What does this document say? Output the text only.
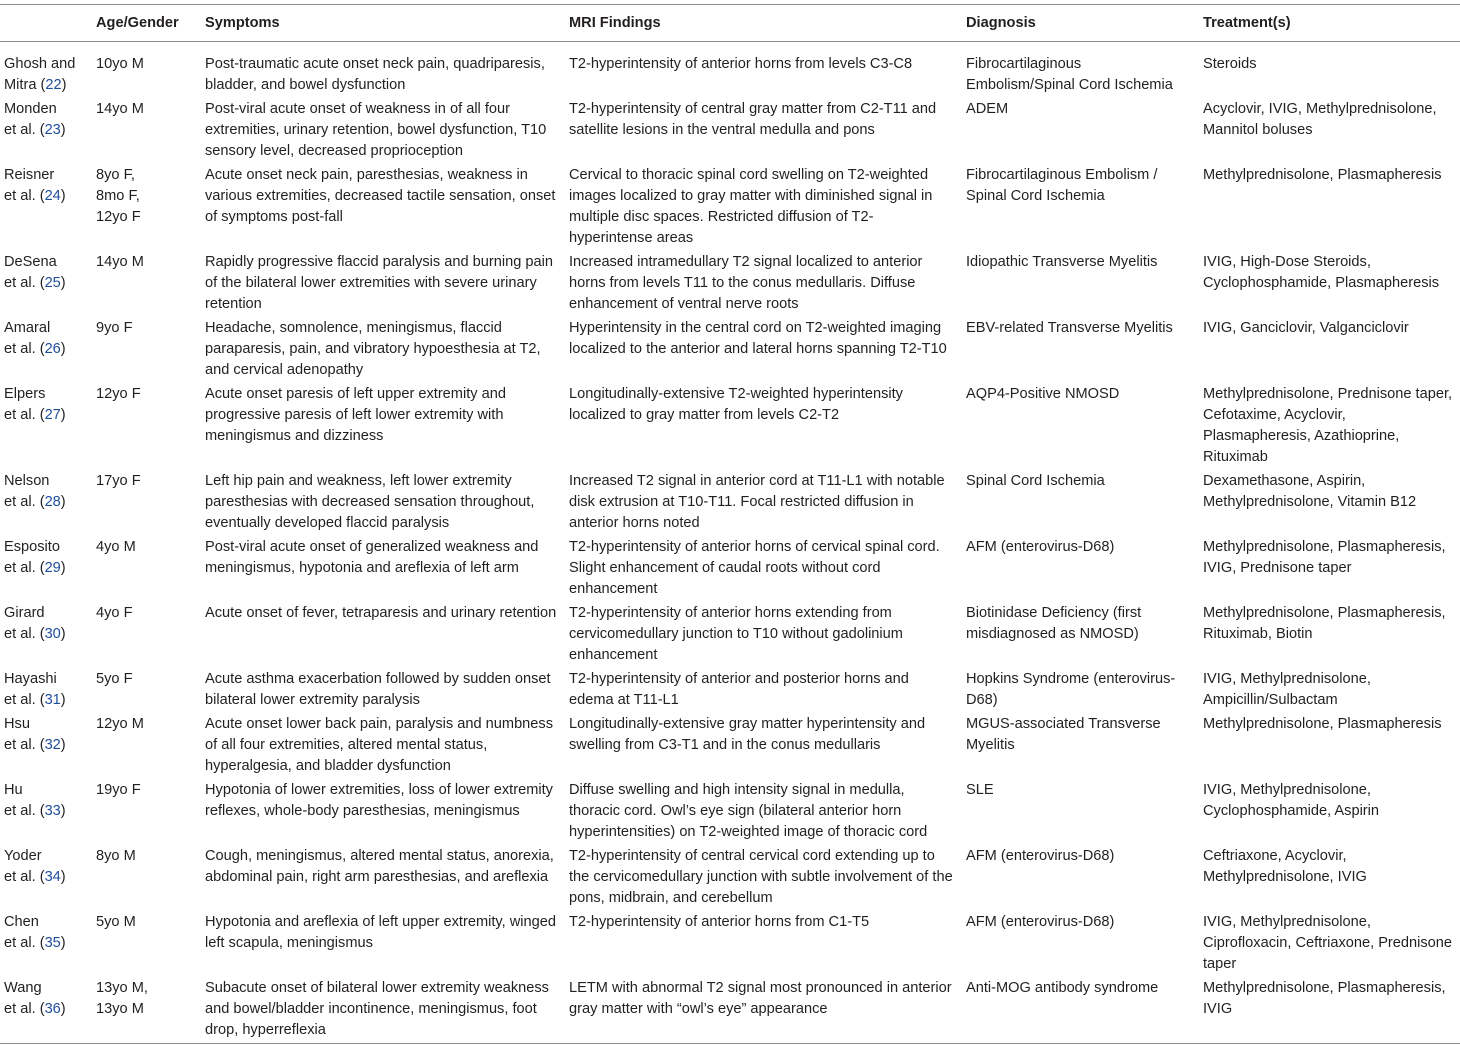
	Age/Gender	Symptoms	MRI Findings	Diagnosis	Treatment(s)
Ghosh and
Mitra (22)	10yo M	Post-traumatic acute onset neck pain, quadriparesis, bladder, and bowel dysfunction	T2-hyperintensity of anterior horns from levels C3-C8	Fibrocartilaginous Embolism/Spinal Cord Ischemia	Steroids
Monden
et al. (23)	14yo M	Post-viral acute onset of weakness in of all four extremities, urinary retention, bowel dysfunction, T10 sensory level, decreased proprioception	T2-hyperintensity of central gray matter from C2-T11 and satellite lesions in the ventral medulla and pons	ADEM	Acyclovir, IVIG, Methylprednisolone, Mannitol boluses
Reisner
et al. (24)	8yo F,
8mo F,
12yo F	Acute onset neck pain, paresthesias, weakness in various extremities, decreased tactile sensation, onset of symptoms post-fall	Cervical to thoracic spinal cord swelling on T2-weighted images localized to gray matter with diminished signal in multiple disc spaces. Restricted diffusion of T2-hyperintense areas	Fibrocartilaginous Embolism / Spinal Cord Ischemia	Methylprednisolone, Plasmapheresis
DeSena
et al. (25)	14yo M	Rapidly progressive flaccid paralysis and burning pain of the bilateral lower extremities with severe urinary retention	Increased intramedullary T2 signal localized to anterior horns from levels T11 to the conus medullaris. Diffuse enhancement of ventral nerve roots	Idiopathic Transverse Myelitis	IVIG, High-Dose Steroids, Cyclophosphamide, Plasmapheresis
Amaral
et al. (26)	9yo F	Headache, somnolence, meningismus, flaccid paraparesis, pain, and vibratory hypoesthesia at T2, and cervical adenopathy	Hyperintensity in the central cord on T2-weighted imaging localized to the anterior and lateral horns spanning T2-T10	EBV-related Transverse Myelitis	IVIG, Ganciclovir, Valganciclovir
Elpers
et al. (27)	12yo F	Acute onset paresis of left upper extremity and progressive paresis of left lower extremity with meningismus and dizziness	Longitudinally-extensive T2-weighted hyperintensity localized to gray matter from levels C2-T2	AQP4-Positive NMOSD	Methylprednisolone, Prednisone taper, Cefotaxime, Acyclovir, Plasmapheresis, Azathioprine, Rituximab
Nelson
et al. (28)	17yo F	Left hip pain and weakness, left lower extremity paresthesias with decreased sensation throughout, eventually developed flaccid paralysis	Increased T2 signal in anterior cord at T11-L1 with notable disk extrusion at T10-T11. Focal restricted diffusion in anterior horns noted	Spinal Cord Ischemia	Dexamethasone, Aspirin, Methylprednisolone, Vitamin B12
Esposito
et al. (29)	4yo M	Post-viral acute onset of generalized weakness and meningismus, hypotonia and areflexia of left arm	T2-hyperintensity of anterior horns of cervical spinal cord. Slight enhancement of caudal roots without cord enhancement	AFM (enterovirus-D68)	Methylprednisolone, Plasmapheresis, IVIG, Prednisone taper
Girard
et al. (30)	4yo F	Acute onset of fever, tetraparesis and urinary retention	T2-hyperintensity of anterior horns extending from cervicomedullary junction to T10 without gadolinium enhancement	Biotinidase Deficiency (first misdiagnosed as NMOSD)	Methylprednisolone, Plasmapheresis, Rituximab, Biotin
Hayashi
et al. (31)	5yo F	Acute asthma exacerbation followed by sudden onset bilateral lower extremity paralysis	T2-hyperintensity of anterior and posterior horns and edema at T11-L1	Hopkins Syndrome (enterovirus-D68)	IVIG, Methylprednisolone, Ampicillin/Sulbactam
Hsu
et al. (32)	12yo M	Acute onset lower back pain, paralysis and numbness of all four extremities, altered mental status, hyperalgesia, and bladder dysfunction	Longitudinally-extensive gray matter hyperintensity and swelling from C3-T1 and in the conus medullaris	MGUS-associated Transverse Myelitis	Methylprednisolone, Plasmapheresis
Hu
et al. (33)	19yo F	Hypotonia of lower extremities, loss of lower extremity reflexes, whole-body paresthesias, meningismus	Diffuse swelling and high intensity signal in medulla, thoracic cord. Owl’s eye sign (bilateral anterior horn hyperintensities) on T2-weighted image of thoracic cord	SLE	IVIG, Methylprednisolone, Cyclophosphamide, Aspirin
Yoder
et al. (34)	8yo M	Cough, meningismus, altered mental status, anorexia, abdominal pain, right arm paresthesias, and areflexia	T2-hyperintensity of central cervical cord extending up to the cervicomedullary junction with subtle involvement of the pons, midbrain, and cerebellum	AFM (enterovirus-D68)	Ceftriaxone, Acyclovir, Methylprednisolone, IVIG
Chen
et al. (35)	5yo M	Hypotonia and areflexia of left upper extremity, winged left scapula, meningismus	T2-hyperintensity of anterior horns from C1-T5	AFM (enterovirus-D68)	IVIG, Methylprednisolone, Ciprofloxacin, Ceftriaxone, Prednisone taper
Wang
et al. (36)	13yo M,
13yo M	Subacute onset of bilateral lower extremity weakness and bowel/bladder incontinence, meningismus, foot drop, hyperreflexia	LETM with abnormal T2 signal most pronounced in anterior gray matter with “owl’s eye” appearance	Anti-MOG antibody syndrome	Methylprednisolone, Plasmapheresis, IVIG
